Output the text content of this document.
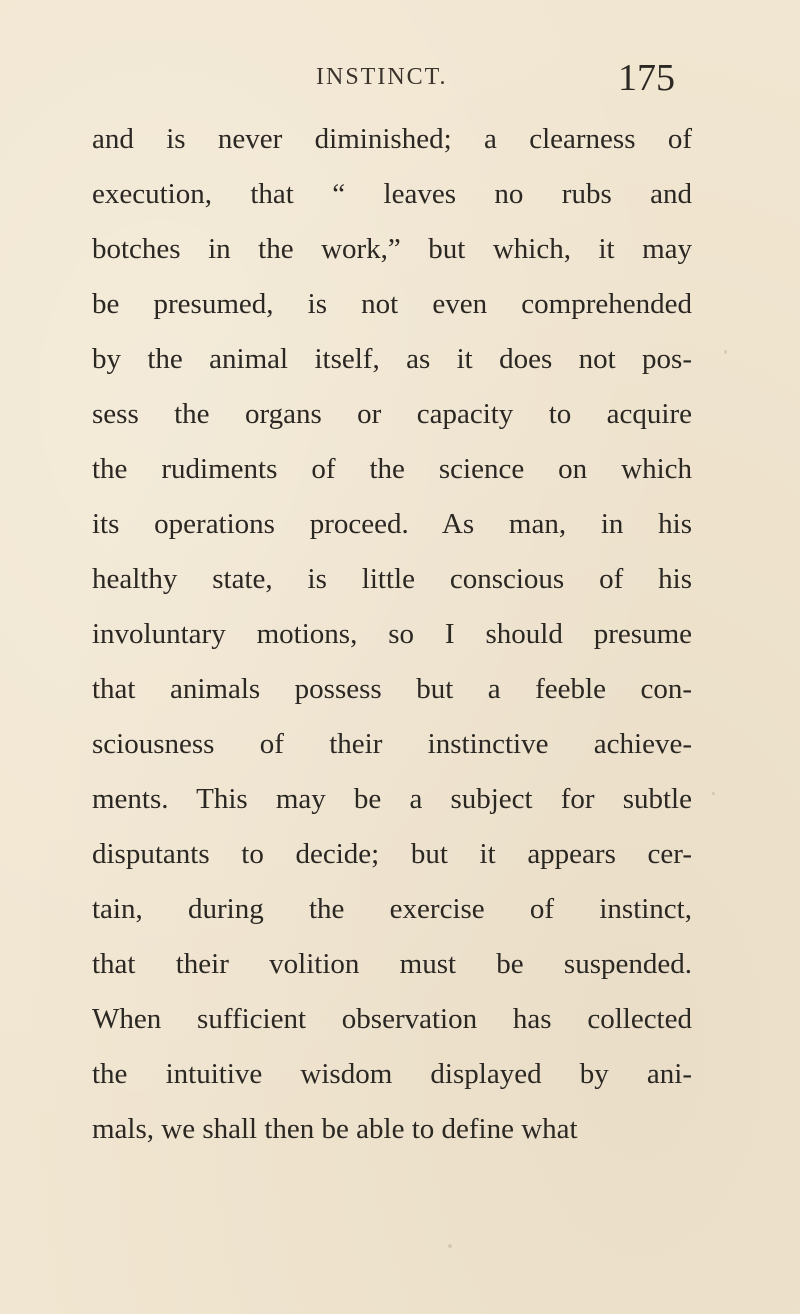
INSTINCT.	175
and is never diminished; a clearness of
execution, that “ leaves no rubs and
botches in the work,” but which, it may
be presumed, is not even comprehended
by the animal itself, as it does not pos-
sess the organs or capacity to acquire
the rudiments of the science on which
its operations proceed. As man, in his
healthy state, is little conscious of his
involuntary motions, so I should presume
that animals possess but a feeble con-
sciousness of their instinctive achieve-
ments. This may be a subject for subtle
disputants to decide; but it appears cer-
tain, during the exercise of instinct,
that their volition must be suspended.
When sufficient observation has collected
the intuitive wisdom displayed by ani-
mals, we shall then be able to define what
